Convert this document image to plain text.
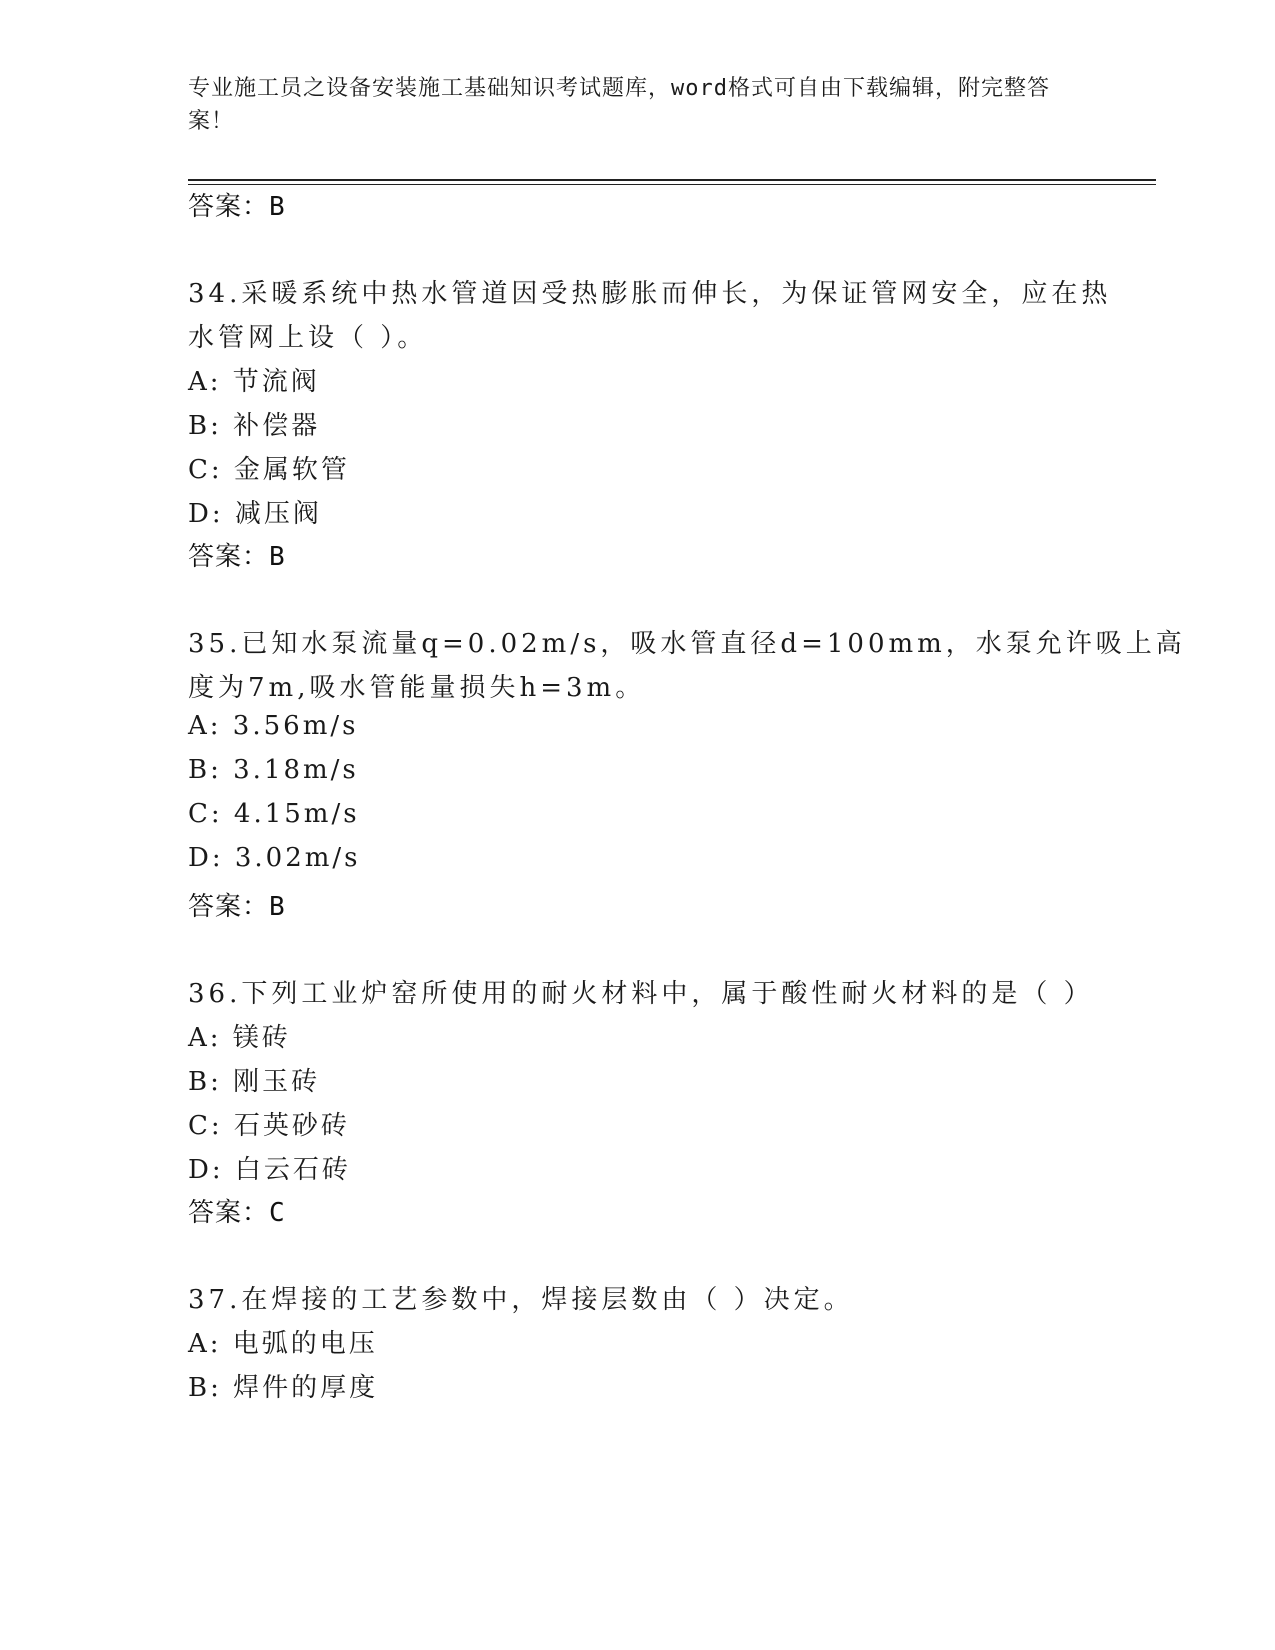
专业施工员之设备安装施工基础知识考试题库，word格式可自由下载编辑，附完整答案！
答案：B
34.采暖系统中热水管道因受热膨胀而伸长，为保证管网安全，应在热
水管网上设（ ）。
A: 节流阀
B: 补偿器
C: 金属软管
D: 减压阀
答案：B
35.已知水泵流量q=0.02m/s，吸水管直径d=100mm，水泵允许吸上高
度为7m,吸水管能量损失h=3m。
A: 3.56m/s
B: 3.18m/s
C: 4.15m/s
D: 3.02m/s
答案：B
36.下列工业炉窑所使用的耐火材料中，属于酸性耐火材料的是（ ）
A: 镁砖
B: 刚玉砖
C: 石英砂砖
D: 白云石砖
答案：C
37.在焊接的工艺参数中，焊接层数由（ ）决定。
A: 电弧的电压
B: 焊件的厚度
